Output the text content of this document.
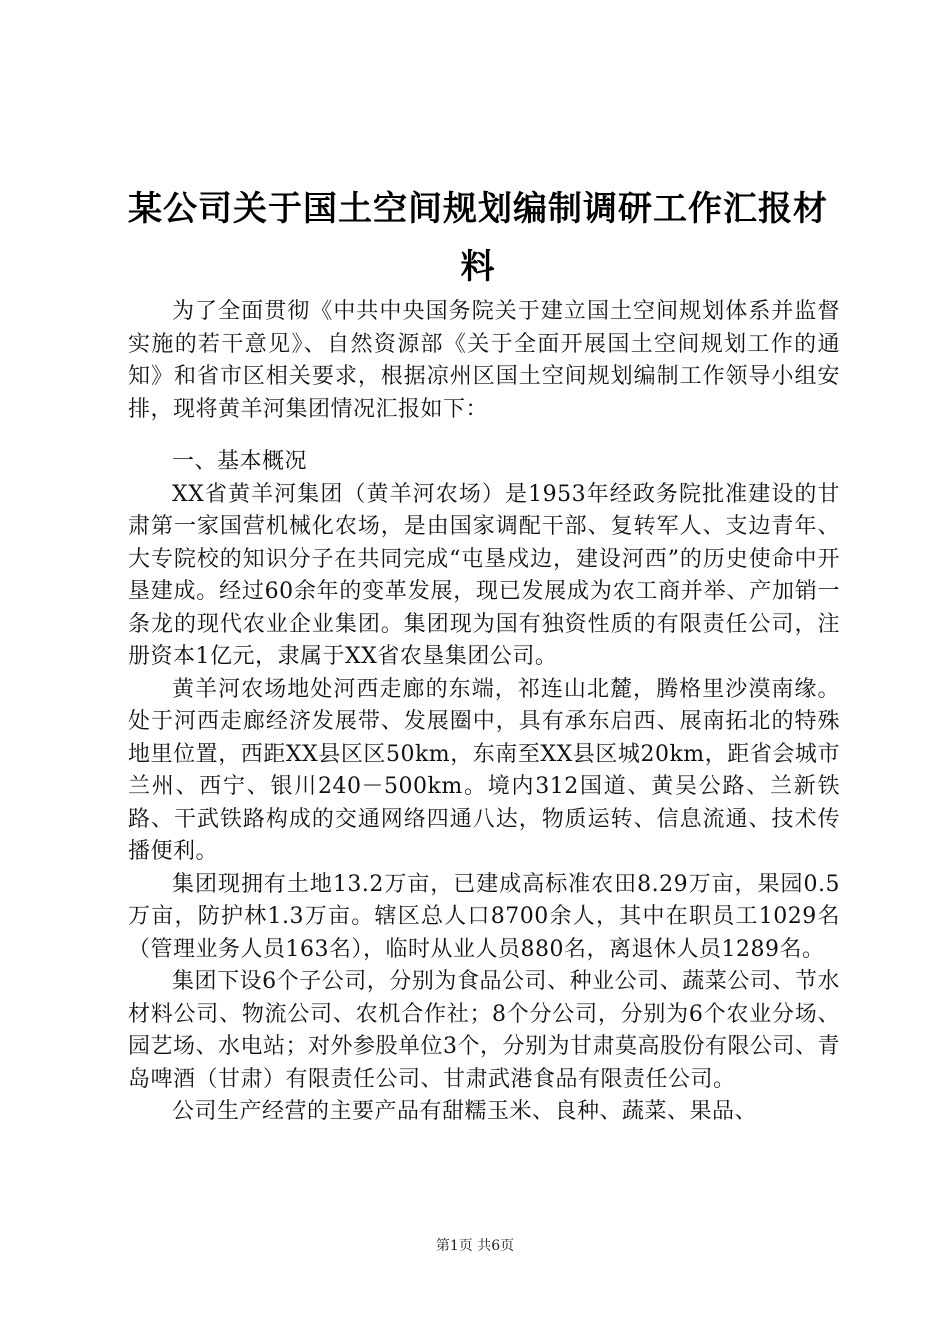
某公司关于国土空间规划编制调研工作汇报材料

为了全面贯彻《中共中央国务院关于建立国土空间规划体系并监督实施的若干意见》、自然资源部《关于全面开展国土空间规划工作的通知》和省市区相关要求，根据凉州区国土空间规划编制工作领导小组安排，现将黄羊河集团情况汇报如下：

一、基本概况

XX省黄羊河集团（黄羊河农场）是1953年经政务院批准建设的甘肃第一家国营机械化农场，是由国家调配干部、复转军人、支边青年、大专院校的知识分子在共同完成“屯垦戍边，建设河西”的历史使命中开垦建成。经过60余年的变革发展，现已发展成为农工商并举、产加销一条龙的现代农业企业集团。集团现为国有独资性质的有限责任公司，注册资本1亿元，隶属于XX省农垦集团公司。

黄羊河农场地处河西走廊的东端，祁连山北麓，腾格里沙漠南缘。处于河西走廊经济发展带、发展圈中，具有承东启西、展南拓北的特殊地里位置，西距XX县区区50km，东南至XX县区城20km，距省会城市兰州、西宁、银川240－500km。境内312国道、黄吴公路、兰新铁路、干武铁路构成的交通网络四通八达，物质运转、信息流通、技术传播便利。

集团现拥有土地13.2万亩，已建成高标准农田8.29万亩，果园0.5万亩，防护林1.3万亩。辖区总人口8700余人，其中在职员工1029名（管理业务人员163名），临时从业人员880名，离退休人员1289名。

集团下设6个子公司，分别为食品公司、种业公司、蔬菜公司、节水材料公司、物流公司、农机合作社；8个分公司，分别为6个农业分场、园艺场、水电站；对外参股单位3个，分别为甘肃莫高股份有限公司、青岛啤酒（甘肃）有限责任公司、甘肃武港食品有限责任公司。

公司生产经营的主要产品有甜糯玉米、良种、蔬菜、果品、

第1页 共6页
